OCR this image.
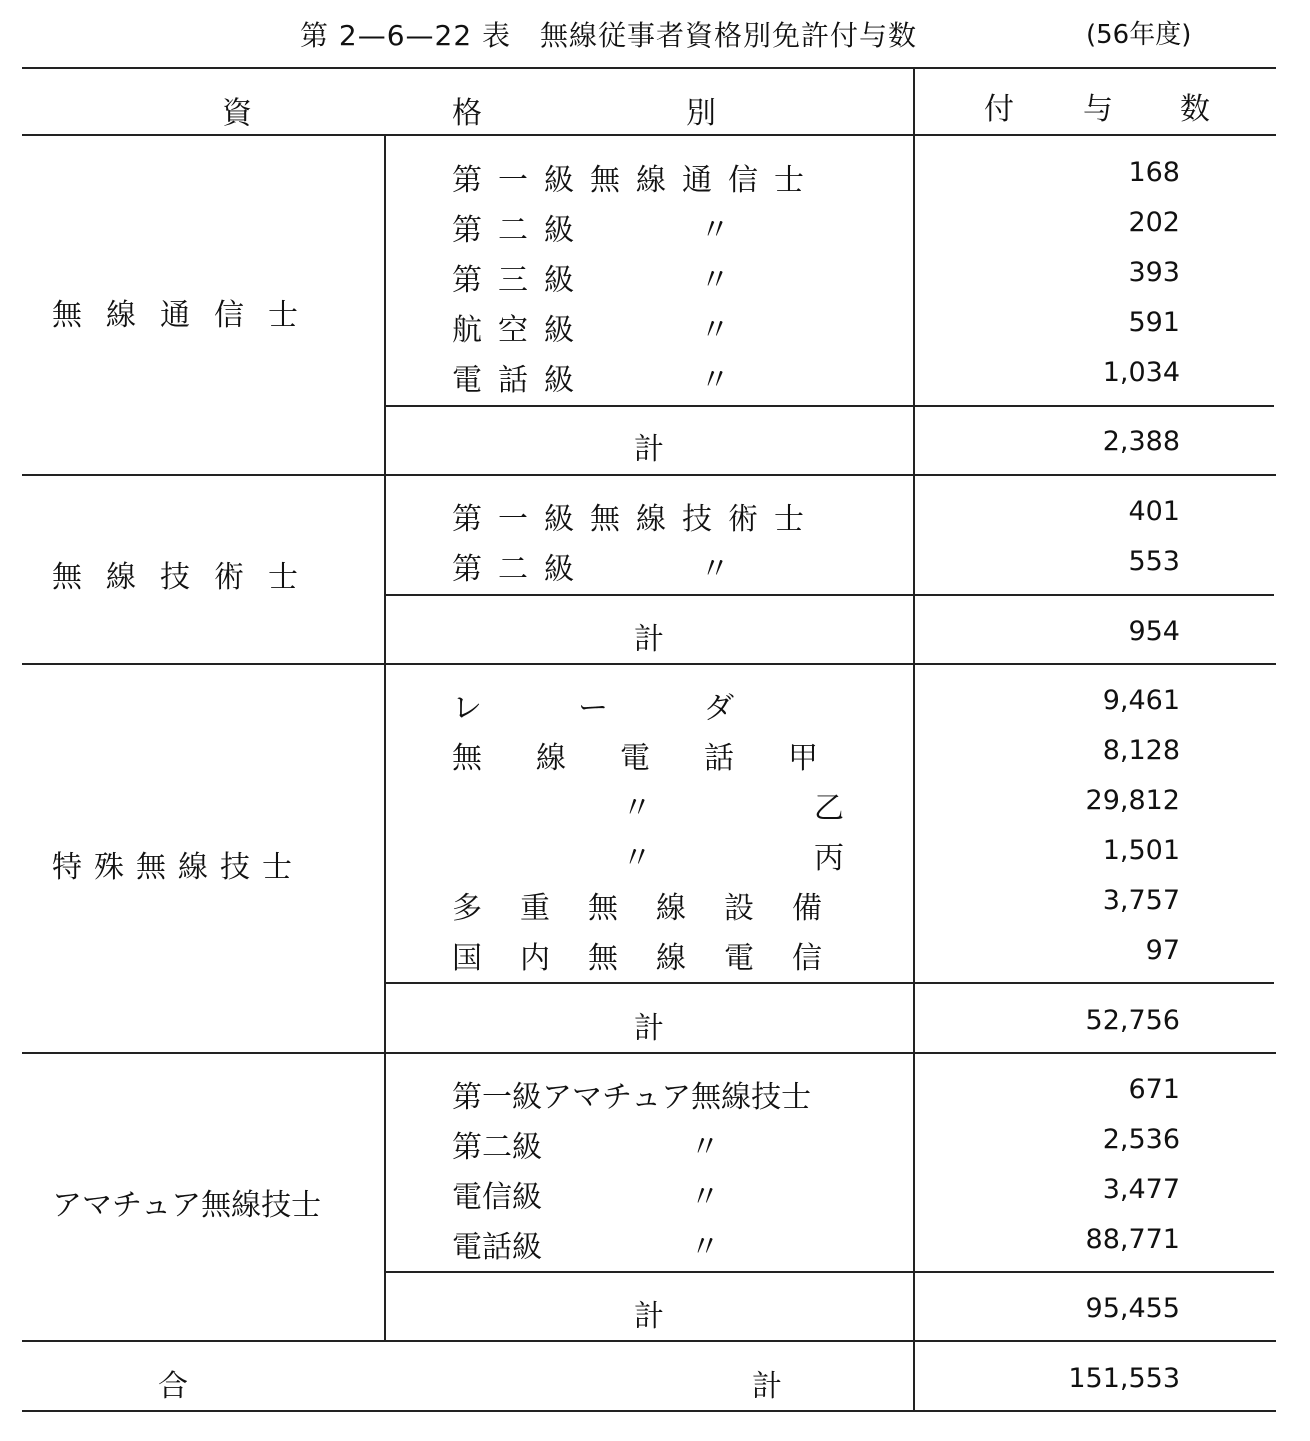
第 2—6—22 表　無線従事者資格別免許付与数	(56年度)
資	格	別	付 与 数
無線通信士
第一級無線通信士	168
第二級	〃	202
第三級	〃	393
航空級	〃	591
電話級	〃	1,034
計	2,388
無線技術士
第一級無線技術士	401
第二級	〃	553
計	954
特殊無線技士
レ　　ー　　ダ	9,461
無　線　電　話　甲	8,128
〃	乙	29,812
〃	丙	1,501
多　重　無　線　設　備	3,757
国　内　無　線　電　信	97
計	52,756
アマチュア無線技士
第一級アマチュア無線技士	671
第二級	〃	2,536
電信級	〃	3,477
電話級	〃	88,771
計	95,455
合	計	151,553
